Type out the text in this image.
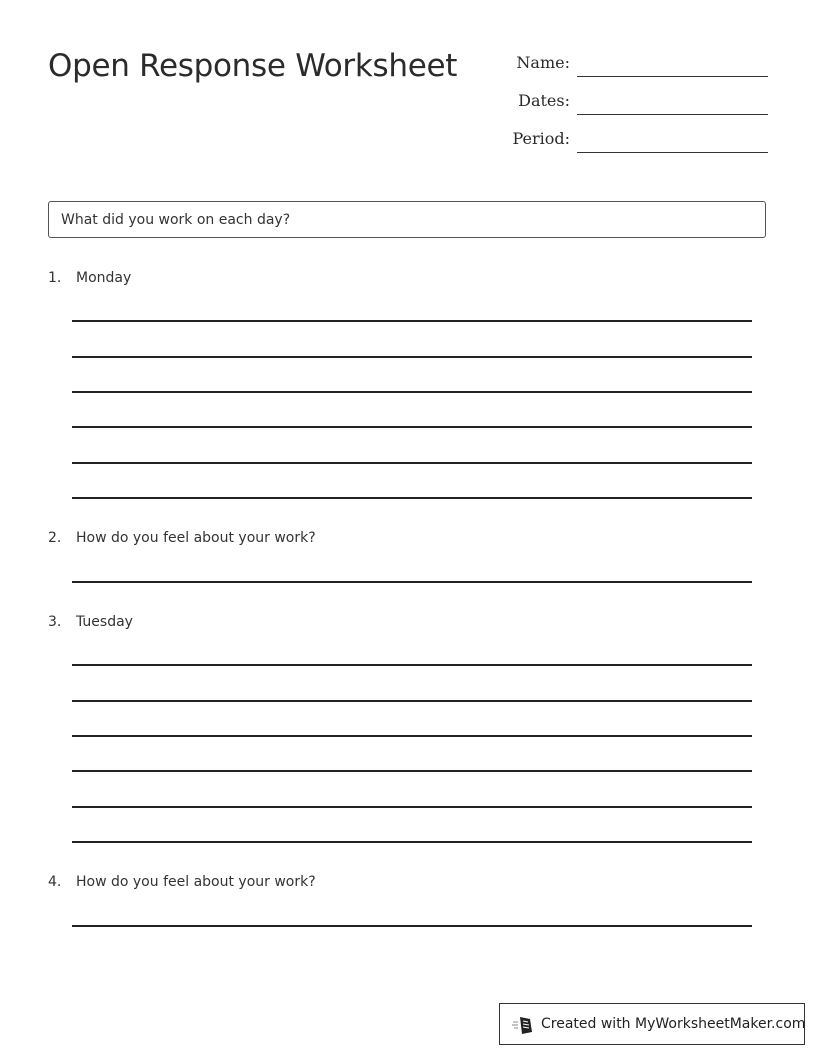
Open Response Worksheet	Name:
Dates:
Period:
What did you work on each day?
1. Monday
2. How do you feel about your work?
3. Tuesday
4. How do you feel about your work?
Created with MyWorksheetMaker.com
